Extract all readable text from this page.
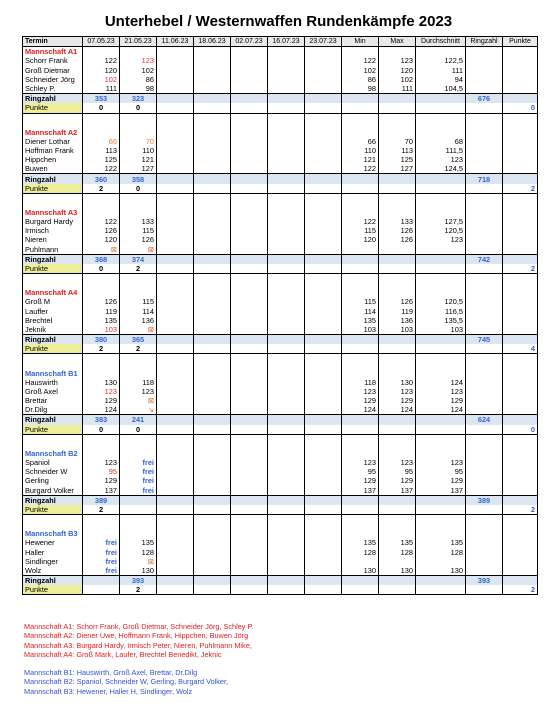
Unterhebel / Westernwaffen Rundenkämpfe 2023
Termin	07.05.23	21.05.23	11.06.23	18.06.23	02.07.23	16.07.23	23.07.23	Min	Max	Durchschnitt	Ringzahl	Punkte
Mannschaft A1												
Schorr Frank	122	123						122	123	122,5		
Groß Dietmar	120	102						102	120	111		
Schneider Jörg	102	86						86	102	94		
Schley P.	111	98						98	111	104,5		
Ringzahl	353	323									676	
Punkte	0	0										0

Mannschaft A2												
Diener Lothar	66	70						66	70	68		
Hoffman Frank	113	110						110	113	111,5		
Hippchen	125	121						121	125	123		
Buwen	122	127						122	127	124,5		
Ringzahl	360	358									718	
Punkte	2	0										2

Mannschaft A3												
Burgard Hardy	122	133						122	133	127,5		
Irmisch	126	115						115	126	120,5		
Nieren	120	126						120	126	123		
Puhlmann	⊠	⊠										
Ringzahl	368	374									742	
Punkte	0	2										2

Mannschaft A4												
Groß M	126	115						115	126	120,5		
Lauffer	119	114						114	119	116,5		
Brechtel	135	136						135	136	135,5		
Jeknik	103	⊠						103	103	103		
Ringzahl	380	365									745	
Punkte	2	2										4

Mannschaft B1												
Hauswirth	130	118						118	130	124		
Groß Axel	123	123						123	123	123		
Brettar	129	⊠						129	129	129		
Dr.Dilg	124	↘						124	124	124		
Ringzahl	383	241									624	
Punkte	0	0										0

Mannschaft B2												
Spaniol	123	frei						123	123	123		
Schneider W	95	frei						95	95	95		
Gerling	129	frei						129	129	129		
Burgard Volker	137	frei						137	137	137		
Ringzahl	389										389	
Punkte	2											2

Mannschaft B3												
Hewener	frei	135						135	135	135		
Haller	frei	128						128	128	128		
Sindlinger	frei	⊠										
Wolz	frei	130						130	130	130		
Ringzahl		393									393	
Punkte		2										2
Mannschaft A1: Schorr Frank, Groß Dietmar, Schneider Jörg, Schley P.
Mannschaft A2: Diener Uwe, Hoffmann Frank, Hippchen, Buwen Jörg
Mannschaft A3: Burgard Hardy, Irmisch Peter, Nieren, Puhlmann Mike,
Mannschaft A4: Groß Mark, Laufer, Brechtel Benedikt, Jeknic
Mannschaft B1: Hauswirth, Groß Axel, Brettar, Dr.Dilg
Mannschaft B2: Spaniol, Schneider W, Gerling, Burgard Volker,
Mannschaft B3: Hewener, Haller H, Sindlinger, Wolz
